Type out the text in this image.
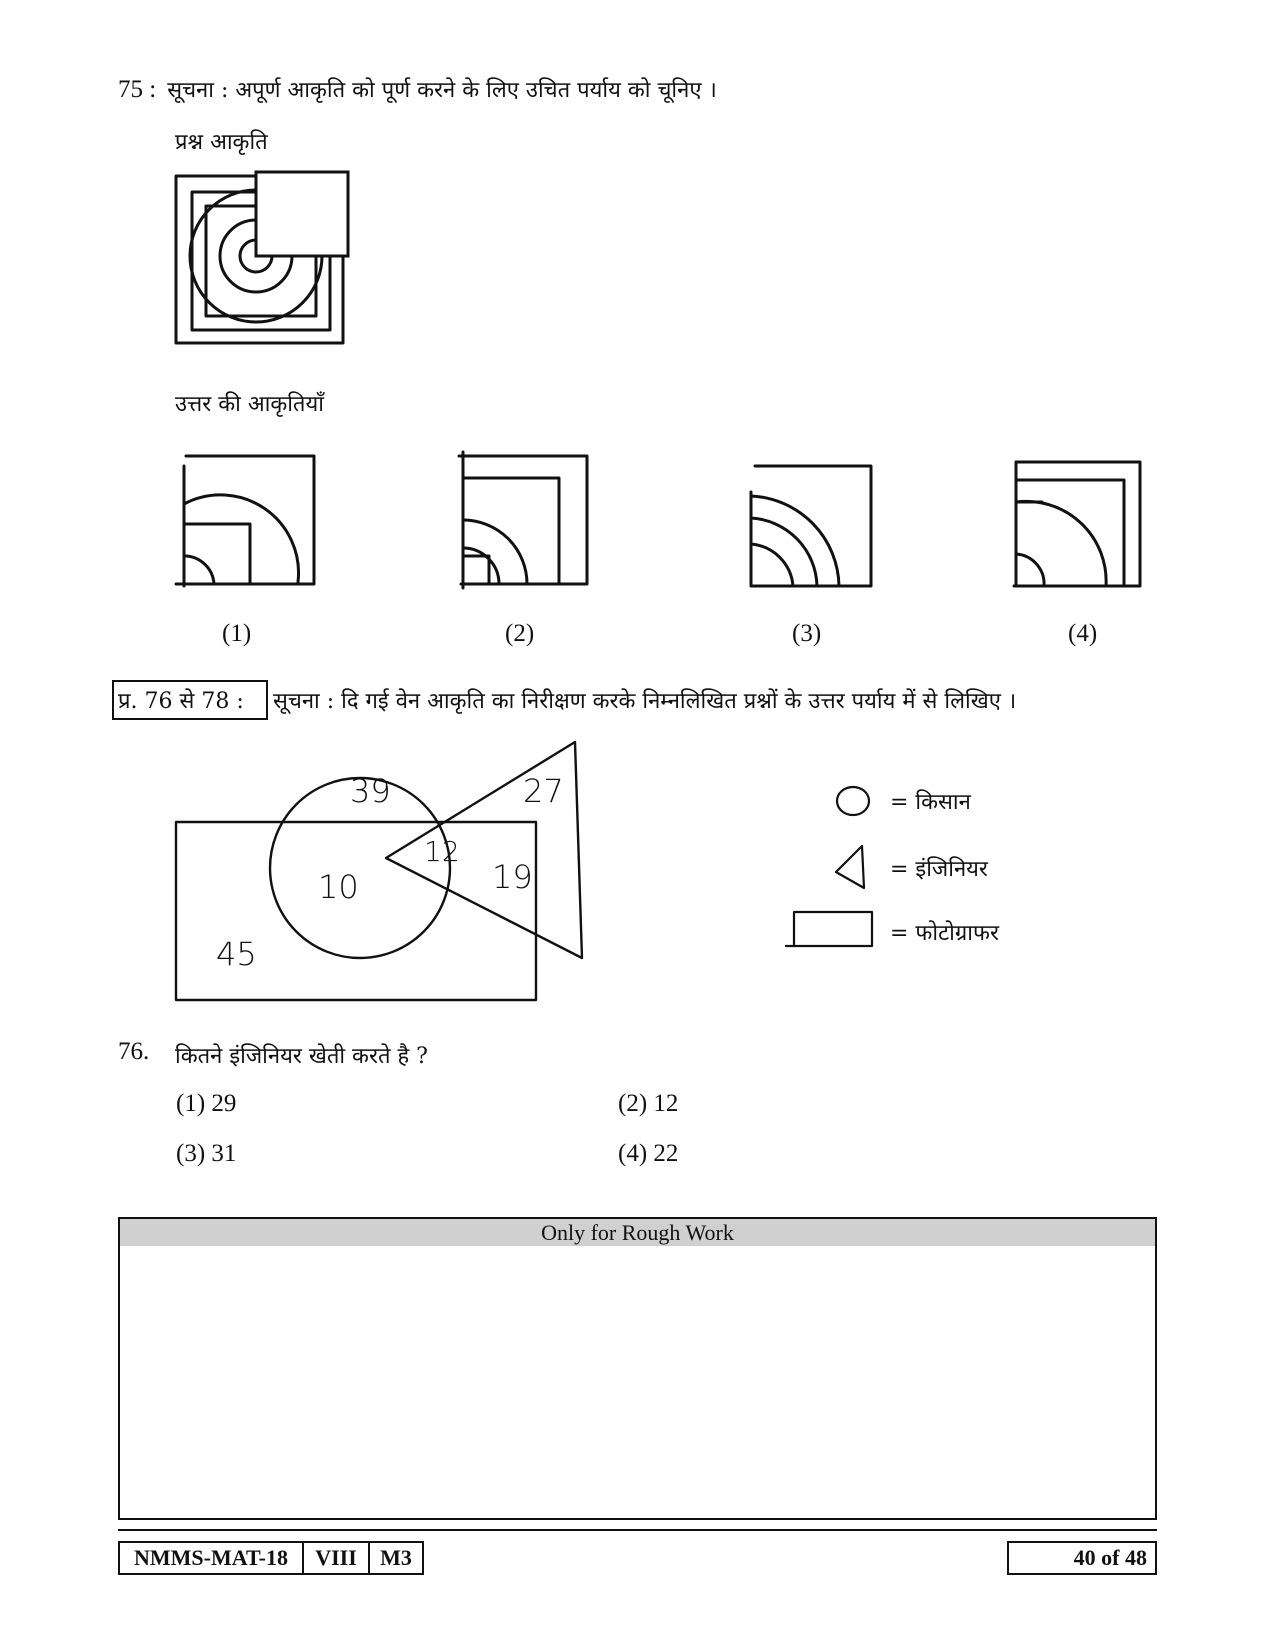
75 : सूचना : अपूर्ण आकृति को पूर्ण करने के लिए उचित पर्याय को चूनिए ।
प्रश्न आकृति
उत्तर की आकृतियाँ
(1)	(2)	(3)	(4)
प्र. 76 से 78 : सूचना : दि गई वेन आकृति का निरीक्षण करके निम्नलिखित प्रश्नों के उत्तर पर्याय में से लिखिए ।
39	27
12
10	19
45
= किसान
= इंजिनियर
= फोटोग्राफर
76. कितने इंजिनियर खेती करते है ?
(1) 29	(2) 12
(3) 31	(4) 22
Only for Rough Work
NMMS-MAT-18	VIII	M3	40 of 48
